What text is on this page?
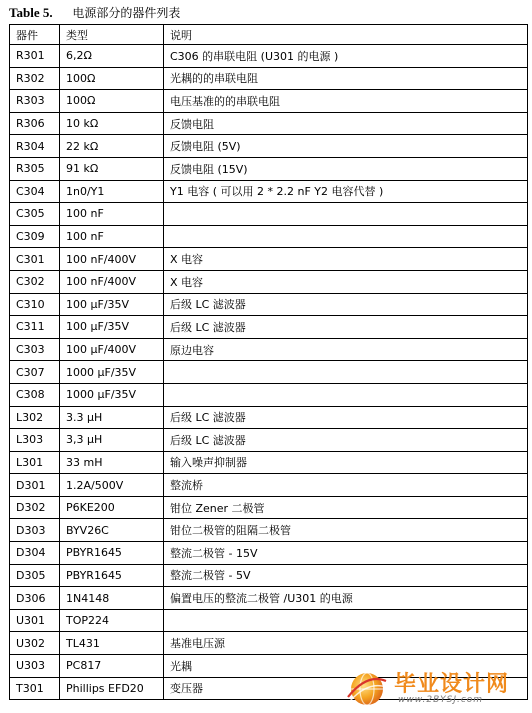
Table 5. 电源部分的器件列表
器件	类型	说明
R301	6,2Ω	C306 的串联电阻 (U301 的电源 )
R302	100Ω	光耦的的串联电阻
R303	100Ω	电压基准的的串联电阻
R306	10 kΩ	反馈电阻
R304	22 kΩ	反馈电阻 (5V)
R305	91 kΩ	反馈电阻 (15V)
C304	1n0/Y1	Y1 电容 ( 可以用 2 * 2.2 nF Y2 电容代替 )
C305	100 nF	
C309	100 nF	
C301	100 nF/400V	X 电容
C302	100 nF/400V	X 电容
C310	100 μF/35V	后级 LC 滤波器
C311	100 μF/35V	后级 LC 滤波器
C303	100 μF/400V	原边电容
C307	1000 μF/35V	
C308	1000 μF/35V	
L302	3.3 μH	后级 LC 滤波器
L303	3,3 μH	后级 LC 滤波器
L301	33 mH	输入噪声抑制器
D301	1.2A/500V	整流桥
D302	P6KE200	钳位 Zener 二极管
D303	BYV26C	钳位二极管的阻隔二极管
D304	PBYR1645	整流二极管 - 15V
D305	PBYR1645	整流二极管 - 5V
D306	1N4148	偏置电压的整流二极管 /U301 的电源
U301	TOP224	
U302	TL431	基准电压源
U303	PC817	光耦
T301	Phillips EFD20	变压器	毕业设计网
www.2BYSJ.com
